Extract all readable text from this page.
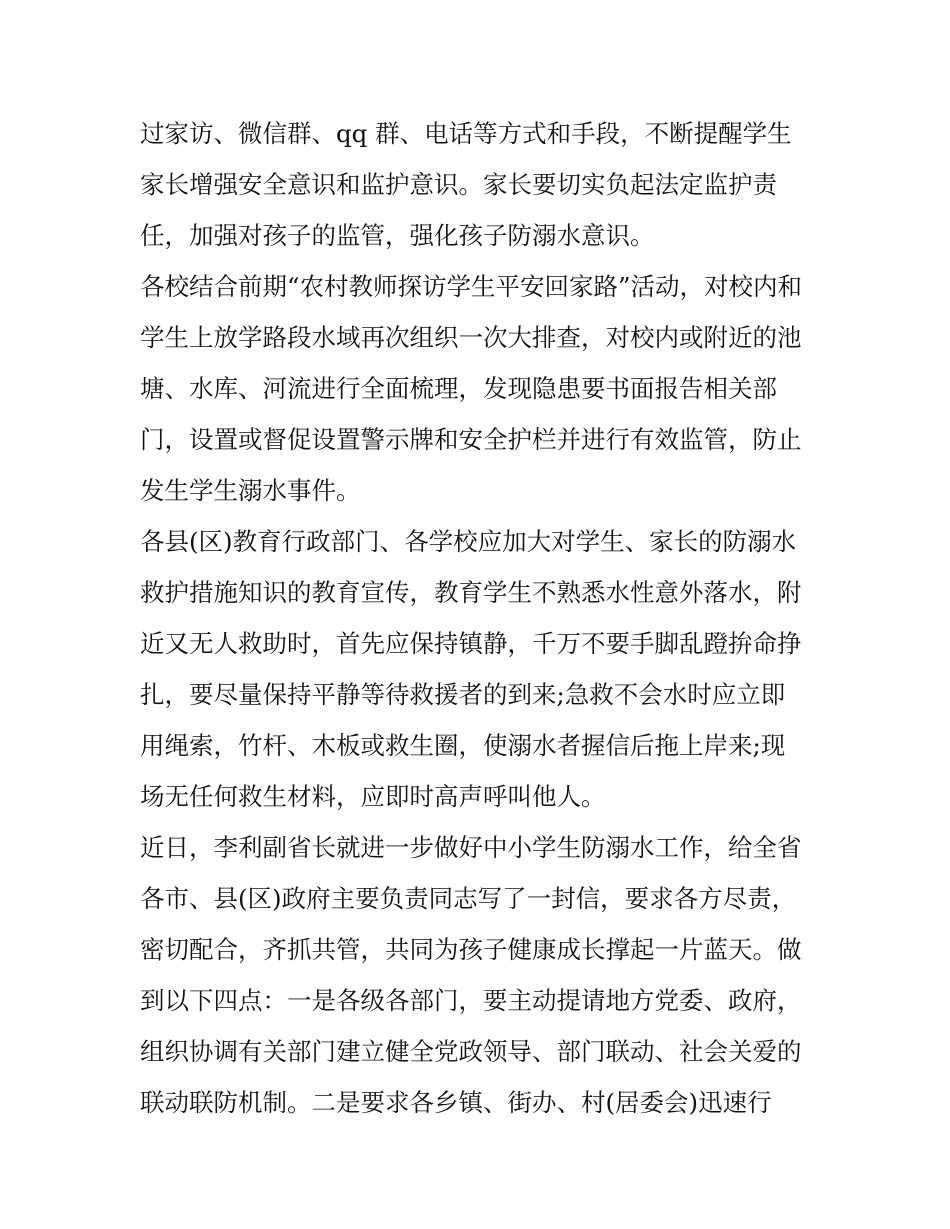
过家访、微信群、qq 群、电话等方式和手段，不断提醒学生
家长增强安全意识和监护意识。家长要切实负起法定监护责
任，加强对孩子的监管，强化孩子防溺水意识。

各校结合前期“农村教师探访学生平安回家路”活动，对校内和
学生上放学路段水域再次组织一次大排查，对校内或附近的池
塘、水库、河流进行全面梳理，发现隐患要书面报告相关部
门，设置或督促设置警示牌和安全护栏并进行有效监管，防止
发生学生溺水事件。

各县(区)教育行政部门、各学校应加大对学生、家长的防溺水
救护措施知识的教育宣传，教育学生不熟悉水性意外落水，附
近又无人救助时，首先应保持镇静，千万不要手脚乱蹬拚命挣
扎，要尽量保持平静等待救援者的到来;急救不会水时应立即
用绳索，竹杆、木板或救生圈，使溺水者握信后拖上岸来;现
场无任何救生材料，应即时高声呼叫他人。

近日，李利副省长就进一步做好中小学生防溺水工作，给全省
各市、县(区)政府主要负责同志写了一封信，要求各方尽责，
密切配合，齐抓共管，共同为孩子健康成长撑起一片蓝天。做
到以下四点：一是各级各部门，要主动提请地方党委、政府，
组织协调有关部门建立健全党政领导、部门联动、社会关爱的
联动联防机制。二是要求各乡镇、街办、村(居委会)迅速行
